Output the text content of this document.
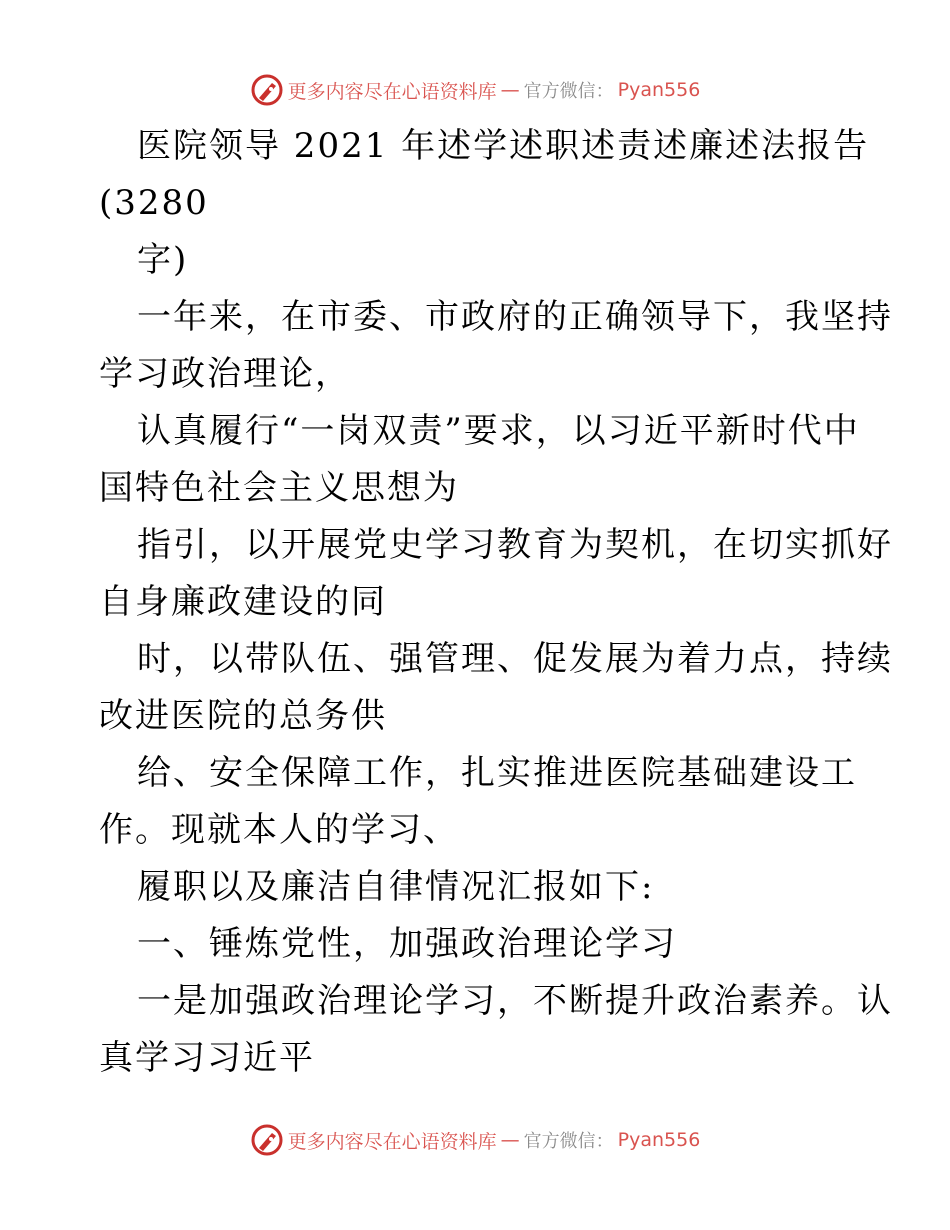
更多内容尽在心语资料库 — 官方微信： Pyan556
医院领导 2021 年述学述职述责述廉述法报告
(3280
字)
一年来，在市委、市政府的正确领导下，我坚持
学习政治理论，
认真履行“一岗双责”要求，以习近平新时代中
国特色社会主义思想为
指引，以开展党史学习教育为契机，在切实抓好
自身廉政建设的同
时，以带队伍、强管理、促发展为着力点，持续
改进医院的总务供
给、安全保障工作，扎实推进医院基础建设工
作。现就本人的学习、
履职以及廉洁自律情况汇报如下:
一、锤炼党性，加强政治理论学习
一是加强政治理论学习，不断提升政治素养。认
真学习习近平
更多内容尽在心语资料库 — 官方微信： Pyan556
